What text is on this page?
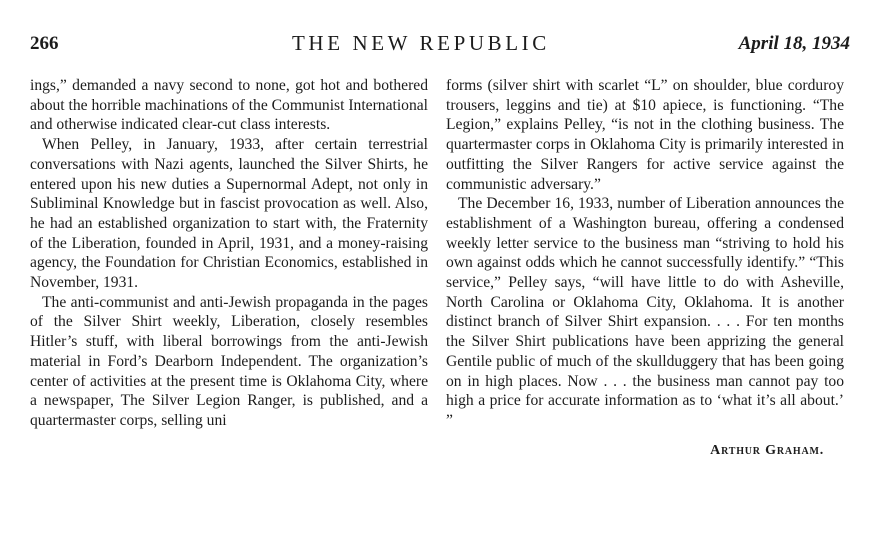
266	THE NEW REPUBLIC	April 18, 1934

ings,” demanded a navy second to none, got hot and bothered about the horrible machinations of the Communist International and otherwise indicated clear-cut class interests.

When Pelley, in January, 1933, after certain terrestrial conversations with Nazi agents, launched the Silver Shirts, he entered upon his new duties a Supernormal Adept, not only in Subliminal Knowledge but in fascist provocation as well. Also, he had an established organization to start with, the Fraternity of the Liberation, founded in April, 1931, and a money-raising agency, the Foundation for Christian Economics, established in November, 1931.

The anti-communist and anti-Jewish propaganda in the pages of the Silver Shirt weekly, Liberation, closely resembles Hitler’s stuff, with liberal borrowings from the anti-Jewish material in Ford’s Dearborn Independent. The organization’s center of activities at the present time is Oklahoma City, where a newspaper, The Silver Legion Ranger, is published, and a quartermaster corps, selling uni

forms (silver shirt with scarlet “L” on shoulder, blue corduroy trousers, leggins and tie) at $10 apiece, is functioning. “The Legion,” explains Pelley, “is not in the clothing business. The quartermaster corps in Oklahoma City is primarily interested in outfitting the Silver Rangers for active service against the communistic adversary.”

The December 16, 1933, number of Liberation announces the establishment of a Washington bureau, offering a condensed weekly letter service to the business man “striving to hold his own against odds which he cannot successfully identify.” “This service,” Pelley says, “will have little to do with Asheville, North Carolina or Oklahoma City, Oklahoma. It is another distinct branch of Silver Shirt expansion. . . . For ten months the Silver Shirt publications have been apprizing the general Gentile public of much of the skullduggery that has been going on in high places. Now . . . the business man cannot pay too high a price for accurate information as to ‘what it’s all about.’ ”

Arthur Graham.
